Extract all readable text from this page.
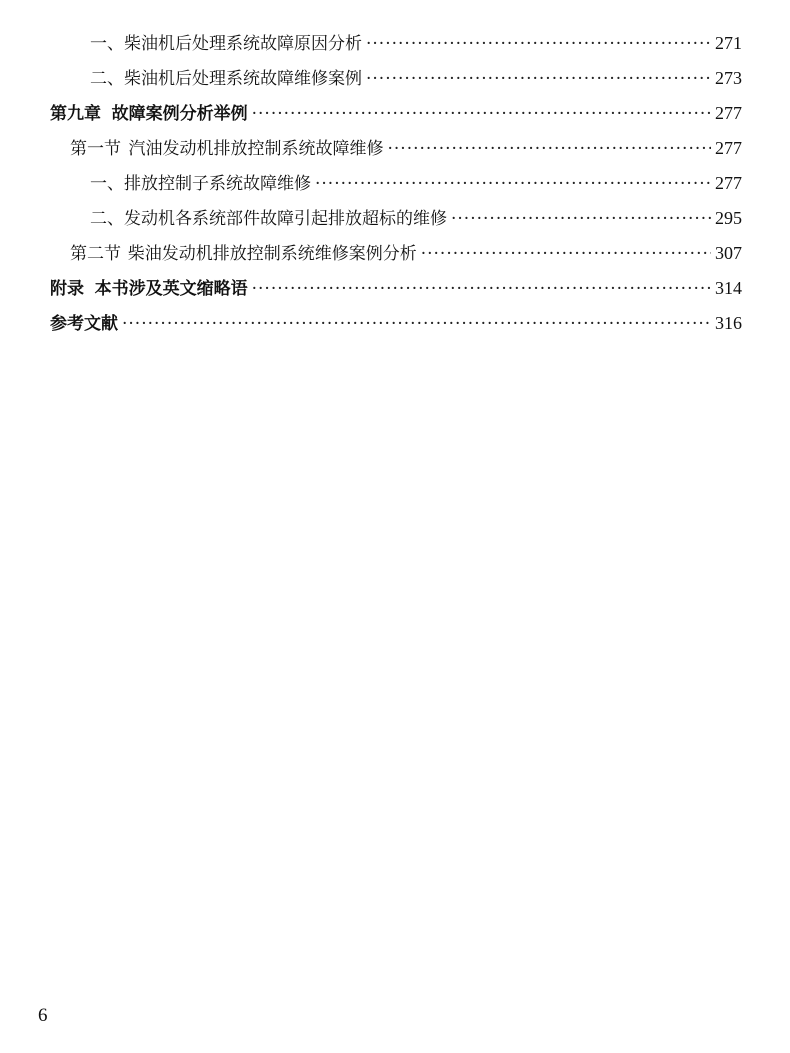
一、柴油机后处理系统故障原因分析 ·····	271
二、柴油机后处理系统故障维修案例 ·····	273
第九章 故障案例分析举例 ·····	277
第一节 汽油发动机排放控制系统故障维修 ·····	277
一、排放控制子系统故障维修 ·····	277
二、发动机各系统部件故障引起排放超标的维修 ·····	295
第二节 柴油发动机排放控制系统维修案例分析 ·····	307
附录 本书涉及英文缩略语 ·····	314
参考文献 ·····	316
6
